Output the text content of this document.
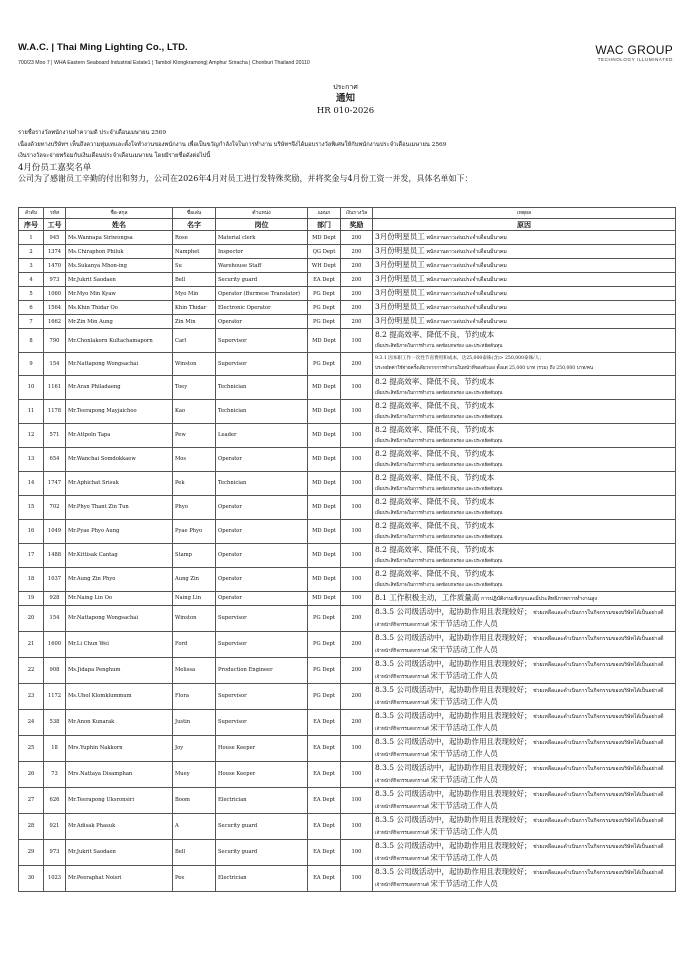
W.A.C. | Thai Ming Lighting Co., LTD.
700/23 Moo 7 | WHA Eastern Seaboard Industrial Estate1 | Tambol Klongkramong| Amphur Sriracha | Chonburi Thailand 20110
WAC GROUP
TECHNOLOGY ILLUMINATED
ประกาศ
通知
HR 010-2026
รายชื่อรางวัลพนักงานทำความดี ประจำเดือนเมษายน 2569
เนื่องด้วยทางบริษัทฯ เห็นถึงความทุ่มเทและตั้งใจทำงานของพนักงาน เพื่อเป็นขวัญกำลังใจในการทำงาน บริษัทฯจึงได้มอบรางวัลพิเศษให้กับพนักงานประจำเดือนเมษายน 2569
เงินรางวัลจะจ่ายพร้อมกับเงินเดือนประจำเดือนเมษายน โดยมีรายชื่อดังต่อไปนี้
4月份员工嘉奖名单
公司为了感谢员工辛勤的付出和努力，公司在2026年4月对员工进行发特殊奖励，并将奖金与4月份工资一并发，具体名单如下：
ลำดับ	รหัส	ชื่อ-สกุล	ชื่อเล่น	ตำแหน่ง	แผนก	เงินรางวัล	เหตุผล
序号	工号	姓名	名字	岗位	部门	奖励	原因
1	945	Ms.Wannapa Siriwongsa	Rose	Material clerk	MD Dept	200	3月份明星员工 พนักงานดาวเด่นประจำเดือนมีนาคม

2	1374	Ms.Chiraphon Philuk	Namphet	Inspector	QG Dept	200	3月份明星员工 พนักงานดาวเด่นประจำเดือนมีนาคม

3	1470	Ms.Sukanya Mhon-ing	Su	Warehouse Staff	WH Dept	200	3月份明星员工 พนักงานดาวเด่นประจำเดือนมีนาคม

4	973	Mr.Jukrit Saodaen	Bell	Security guard	EA Dept	200	3月份明星员工 พนักงานดาวเด่นประจำเดือนมีนาคม

5	1060	Mr.Myo Min Kyaw	Myo Min	Operator (Burmese Translator)	PG Dept	200	3月份明星员工 พนักงานดาวเด่นประจำเดือนมีนาคม

6	1564	Ms.Khin Thidar Oo	Khin Thidar	Electronic Operator	PG Dept	200	3月份明星员工 พนักงานดาวเด่นประจำเดือนมีนาคม

7	1662	Mr.Zin Min Aung	Zin Min	Operator	PG Dept	200	3月份明星员工 พนักงานดาวเด่นประจำเดือนมีนาคม

8	790	Mr.Chonlakorn Kultachamaporn	Carl	Supervisor	MD Dept	100	8.2 提高效率、降低不良、节约成本
เพิ่มประสิทธิภาพในการทำงาน ลดข้อบกพร่อง และประหยัดต้นทุน

9	154	Mr.Nattapong Wongsachai	Winston	Supervisor	PG Dept	200	9.3.1 因本职工作一次性节省费用和成本，达25,000泰铢(含)> 250,000泰铢/人；
ประหยัดค่าใช้จ่ายครั้งเดียวจากการทำงานในหน้าที่ของตัวเอง ตั้งแต่ 25,000 บาท (รวม) ถึง 250,000 บาท/คน

10	1161	Mr.Aran Philadaeng	Toey	Technician	MD Dept	100	8.2 提高效率、降低不良、节约成本
เพิ่มประสิทธิภาพในการทำงาน ลดข้อบกพร่อง และประหยัดต้นทุน

11	1178	Mr.Teerapong Mayjaichoo	Kao	Technician	MD Dept	100	8.2 提高效率、降低不良、节约成本
เพิ่มประสิทธิภาพในการทำงาน ลดข้อบกพร่อง และประหยัดต้นทุน

12	571	Mr.Attpoln Tapa	Pew	Leader	MD Dept	100	8.2 提高效率、降低不良、节约成本
เพิ่มประสิทธิภาพในการทำงาน ลดข้อบกพร่อง และประหยัดต้นทุน

13	654	Mr.Wanchai Somdokkaew	Mos	Operator	MD Dept	100	8.2 提高效率、降低不良、节约成本
เพิ่มประสิทธิภาพในการทำงาน ลดข้อบกพร่อง และประหยัดต้นทุน

14	1747	Mr.Aphichat Srisuk	Pek	Technician	MD Dept	100	8.2 提高效率、降低不良、节约成本
เพิ่มประสิทธิภาพในการทำงาน ลดข้อบกพร่อง และประหยัดต้นทุน

15	702	Mr.Phyo Thant Zin Tun	Phyo	Operator	MD Dept	100	8.2 提高效率、降低不良、节约成本
เพิ่มประสิทธิภาพในการทำงาน ลดข้อบกพร่อง และประหยัดต้นทุน

16	1049	Mr.Pyae Phyo Aung	Pyae Phyo	Operator	MD Dept	100	8.2 提高效率、降低不良、节约成本
เพิ่มประสิทธิภาพในการทำงาน ลดข้อบกพร่อง และประหยัดต้นทุน

17	1488	Mr.Kittisak Cantag	Stamp	Operator	MD Dept	100	8.2 提高效率、降低不良、节约成本
เพิ่มประสิทธิภาพในการทำงาน ลดข้อบกพร่อง และประหยัดต้นทุน

18	1037	Mr.Aung Zin Phyo	Aung Zin	Operator	MD Dept	100	8.2 提高效率、降低不良、节约成本
เพิ่มประสิทธิภาพในการทำงาน ลดข้อบกพร่อง และประหยัดต้นทุน

19	928	Mr.Naing Lin Oo	Naing Lin	Operator	MD Dept	100	8.1 工作积极主动，工作质量高 การปฏิบัติงานเชิงรุกและมีประสิทธิภาพการทำงานสูง

20	154	Mr.Nattapong Wongsachai	Winston	Supervisor	PG Dept	200	8.3.5 公司级活动中，起协助作用且表现较好； ช่วยเหลือและดำเนินการในกิจกรรมของบริษัทได้เป็นอย่างดี
เจ้าหน้าที่กิจกรรมสงกรานต์ 宋干节活动工作人员

21	1600	Mr.Li Chun Wei	Ford	Supervisor	PG Dept	200	8.3.5 公司级活动中，起协助作用且表现较好； ช่วยเหลือและดำเนินการในกิจกรรมของบริษัทได้เป็นอย่างดี
เจ้าหน้าที่กิจกรรมสงกรานต์ 宋干节活动工作人员

22	908	Ms.Jidapa Penghum	Melissa	Production Engineer	PG Dept	200	8.3.5 公司级活动中，起协助作用且表现较好； ช่วยเหลือและดำเนินการในกิจกรรมของบริษัทได้เป็นอย่างดี
เจ้าหน้าที่กิจกรรมสงกรานต์ 宋干节活动工作人员

23	1172	Ms.Ubol Klomklummum	Flora	Supervisor	PG Dept	200	8.3.5 公司级活动中，起协助作用且表现较好； ช่วยเหลือและดำเนินการในกิจกรรมของบริษัทได้เป็นอย่างดี
เจ้าหน้าที่กิจกรรมสงกรานต์ 宋干节活动工作人员

24	538	Mr.Anon Kunarak	Justin	Supervisor	EA Dept	200	8.3.5 公司级活动中，起协助作用且表现较好； ช่วยเหลือและดำเนินการในกิจกรรมของบริษัทได้เป็นอย่างดี
เจ้าหน้าที่กิจกรรมสงกรานต์ 宋干节活动工作人员

25	18	Mrs.Yuphin Nakkorn	Joy	House Keeper	EA Dept	100	8.3.5 公司级活动中，起协助作用且表现较好； ช่วยเหลือและดำเนินการในกิจกรรมของบริษัทได้เป็นอย่างดี
เจ้าหน้าที่กิจกรรมสงกรานต์ 宋干节活动工作人员

26	73	Mrs.Nattaya Disamphan	Muey	House Keeper	EA Dept	100	8.3.5 公司级活动中，起协助作用且表现较好； ช่วยเหลือและดำเนินการในกิจกรรมของบริษัทได้เป็นอย่างดี
เจ้าหน้าที่กิจกรรมสงกรานต์ 宋干节活动工作人员

27	626	Mr.Teerapong Uksronsiri	Boom	Electrician	EA Dept	100	8.3.5 公司级活动中，起协助作用且表现较好； ช่วยเหลือและดำเนินการในกิจกรรมของบริษัทได้เป็นอย่างดี
เจ้าหน้าที่กิจกรรมสงกรานต์ 宋干节活动工作人员

28	921	Mr.Adisak Phasuk	A	Security guard	EA Dept	100	8.3.5 公司级活动中，起协助作用且表现较好； ช่วยเหลือและดำเนินการในกิจกรรมของบริษัทได้เป็นอย่างดี
เจ้าหน้าที่กิจกรรมสงกรานต์ 宋干节活动工作人员

29	973	Mr.Jukrit Saodaen	Bell	Security guard	EA Dept	100	8.3.5 公司级活动中，起协助作用且表现较好； ช่วยเหลือและดำเนินการในกิจกรรมของบริษัทได้เป็นอย่างดี
เจ้าหน้าที่กิจกรรมสงกรานต์ 宋干节活动工作人员

30	1023	Mr.Peeraphat Noisri	Pee	Electrician	EA Dept	100	8.3.5 公司级活动中，起协助作用且表现较好； ช่วยเหลือและดำเนินการในกิจกรรมของบริษัทได้เป็นอย่างดี
เจ้าหน้าที่กิจกรรมสงกรานต์ 宋干节活动工作人员
